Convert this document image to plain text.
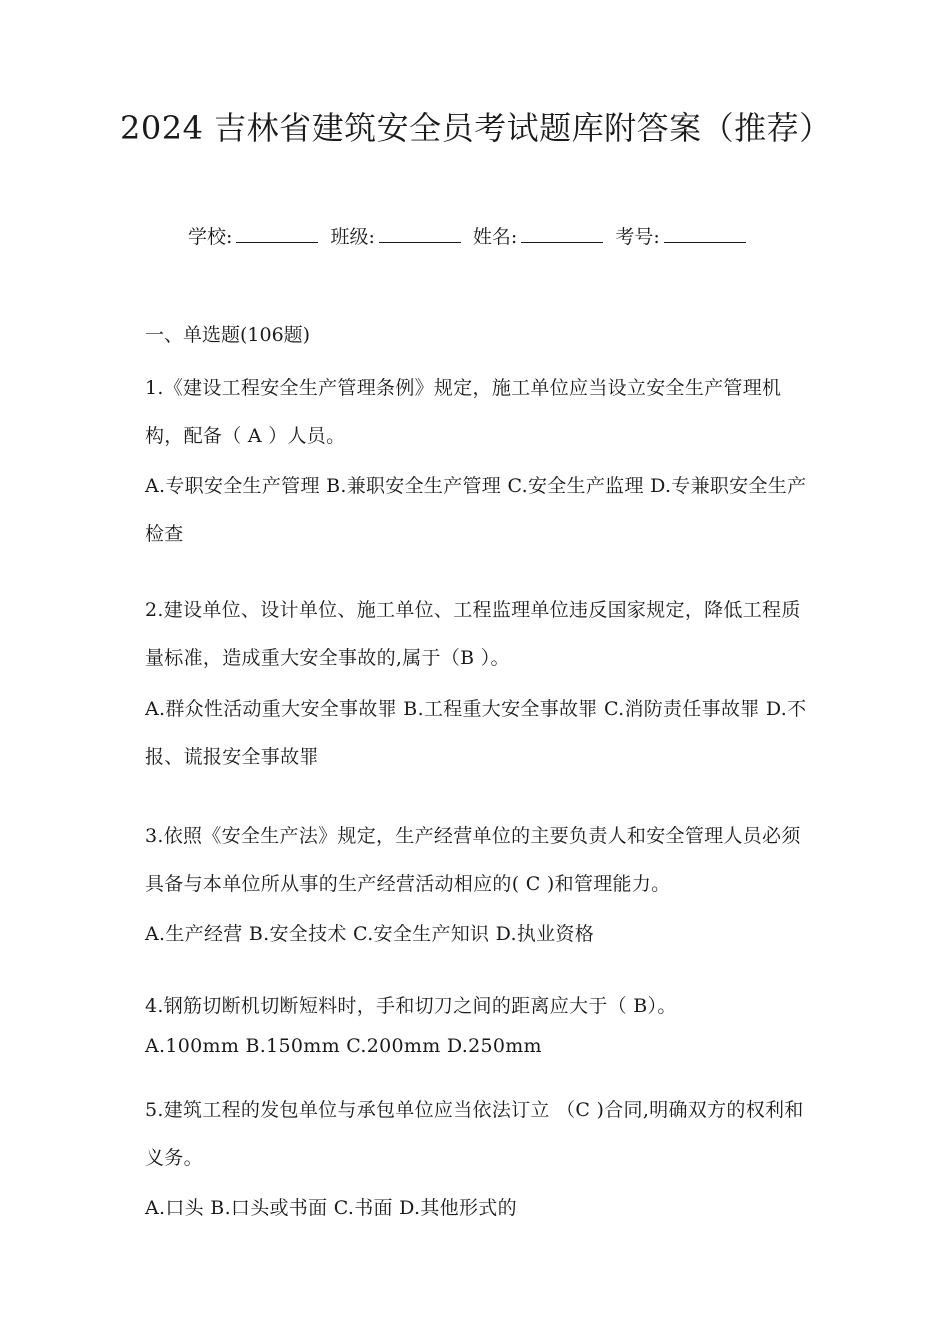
2024 吉林省建筑安全员考试题库附答案（推荐）
学校:	班级:	姓名:	考号:
一、单选题(106题)
1.《建设工程安全生产管理条例》规定，施工单位应当设立安全生产管理机构，配备（ A ）人员。
A.专职安全生产管理 B.兼职安全生产管理 C.安全生产监理 D.专兼职安全生产检查
2.建设单位、设计单位、施工单位、工程监理单位违反国家规定，降低工程质量标准，造成重大安全事故的,属于（B ）。
A.群众性活动重大安全事故罪 B.工程重大安全事故罪 C.消防责任事故罪 D.不报、谎报安全事故罪
3.依照《安全生产法》规定，生产经营单位的主要负责人和安全管理人员必须具备与本单位所从事的生产经营活动相应的( C )和管理能力。
A.生产经营 B.安全技术 C.安全生产知识 D.执业资格
4.钢筋切断机切断短料时，手和切刀之间的距离应大于（ B）。
A.100mm B.150mm C.200mm D.250mm
5.建筑工程的发包单位与承包单位应当依法订立 （C )合同,明确双方的权利和义务。
A.口头 B.口头或书面 C.书面 D.其他形式的
